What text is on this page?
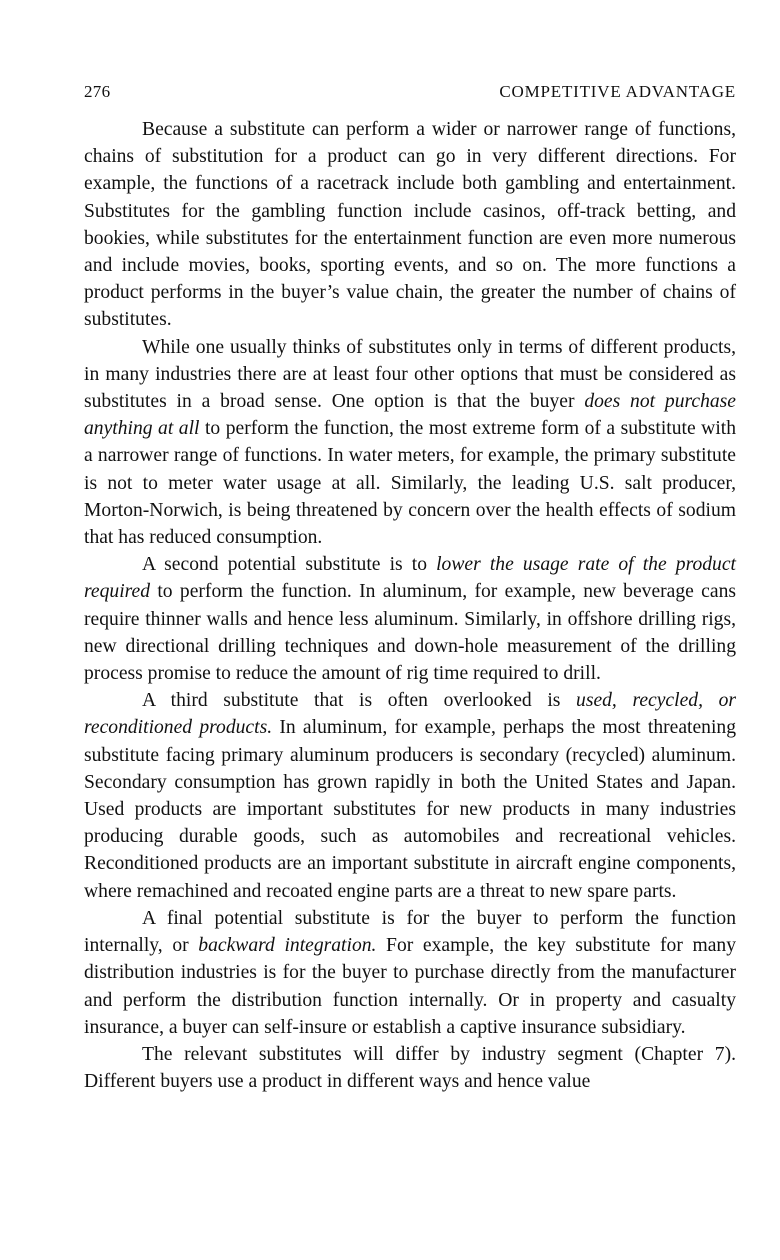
276	COMPETITIVE ADVANTAGE

Because a substitute can perform a wider or narrower range of functions, chains of substitution for a product can go in very different directions. For example, the functions of a racetrack include both gambling and entertainment. Substitutes for the gambling function include casinos, off-track betting, and bookies, while substitutes for the entertainment function are even more numerous and include movies, books, sporting events, and so on. The more functions a product performs in the buyer’s value chain, the greater the number of chains of substitutes.

While one usually thinks of substitutes only in terms of different products, in many industries there are at least four other options that must be considered as substitutes in a broad sense. One option is that the buyer does not purchase anything at all to perform the function, the most extreme form of a substitute with a narrower range of functions. In water meters, for example, the primary substitute is not to meter water usage at all. Similarly, the leading U.S. salt producer, Morton-Norwich, is being threatened by concern over the health effects of sodium that has reduced consumption.

A second potential substitute is to lower the usage rate of the product required to perform the function. In aluminum, for example, new beverage cans require thinner walls and hence less aluminum. Similarly, in offshore drilling rigs, new directional drilling techniques and down-hole measurement of the drilling process promise to reduce the amount of rig time required to drill.

A third substitute that is often overlooked is used, recycled, or reconditioned products. In aluminum, for example, perhaps the most threatening substitute facing primary aluminum producers is secondary (recycled) aluminum. Secondary consumption has grown rapidly in both the United States and Japan. Used products are important substitutes for new products in many industries producing durable goods, such as automobiles and recreational vehicles. Reconditioned products are an important substitute in aircraft engine components, where remachined and recoated engine parts are a threat to new spare parts.

A final potential substitute is for the buyer to perform the function internally, or backward integration. For example, the key substitute for many distribution industries is for the buyer to purchase directly from the manufacturer and perform the distribution function internally. Or in property and casualty insurance, a buyer can self-insure or establish a captive insurance subsidiary.

The relevant substitutes will differ by industry segment (Chapter 7). Different buyers use a product in different ways and hence value
